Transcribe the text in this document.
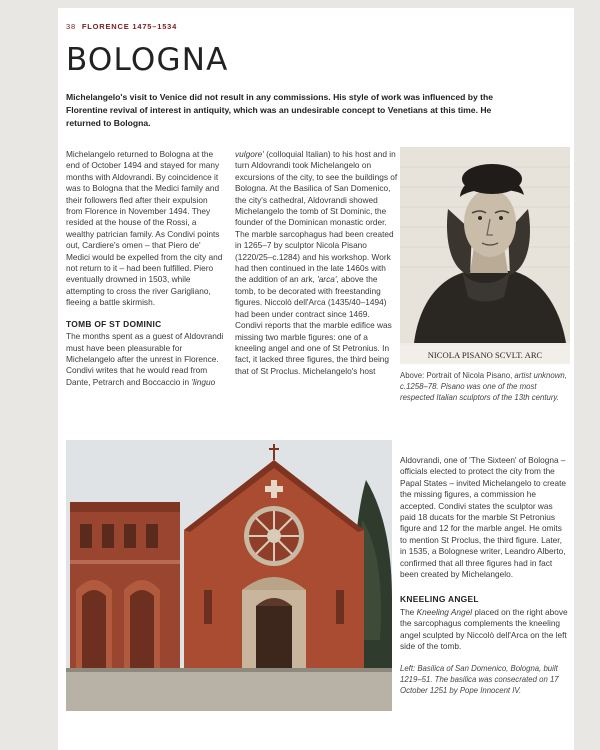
38 FLORENCE 1475–1534
BOLOGNA

Michelangelo's visit to Venice did not result in any commissions. His style of work was influenced by the Florentine revival of interest in antiquity, which was an undesirable concept to Venetians at this time. He returned to Bologna.

Michelangelo returned to Bologna at the end of October 1494 and stayed for many months with Aldovrandi. By coincidence it was to Bologna that the Medici family and their followers fled after their expulsion from Florence in November 1494. They resided at the house of the Rossi, a wealthy patrician family. As Condivi points out, Cardiere's omen – that Piero de' Medici would be expelled from the city and not return to it – had been fulfilled. Piero eventually drowned in 1503, while attempting to cross the river Garigliano, fleeing a battle skirmish.

TOMB OF ST DOMINIC

The months spent as a guest of Aldovrandi must have been pleasurable for Michelangelo after the unrest in Florence. Condivi writes that he would read from Dante, Petrarch and Boccaccio in 'linguo

vulgore' (colloquial Italian) to his host and in turn Aldovrandi took Michelangelo on excursions of the city, to see the buildings of Bologna. At the Basilica of San Domenico, the city's cathedral, Aldovrandi showed Michelangelo the tomb of St Dominic, the founder of the Dominican monastic order. The marble sarcophagus had been created in 1265–7 by sculptor Nicola Pisano (1220/25–c.1284) and his workshop. Work had then continued in the late 1460s with the addition of an ark, 'arca', above the tomb, to be decorated with freestanding figures. Niccolò dell'Arca (1435/40–1494) had been under contract since 1469. Condivi reports that the marble edifice was missing two marble figures: one of a kneeling angel and one of St Petronius. In fact, it lacked three figures, the third being that of St Proclus. Michelangelo's host

NICOLA PISANO SCVLT. ARC

Above: Portrait of Nicola Pisano, artist unknown, c.1258–78. Pisano was one of the most respected Italian sculptors of the 13th century.

Aldovrandi, one of 'The Sixteen' of Bologna – officials elected to protect the city from the Papal States – invited Michelangelo to create the missing figures, a commission he accepted. Condivi states the sculptor was paid 18 ducats for the marble St Petronius figure and 12 for the marble angel. He omits to mention St Proclus, the third figure. Later, in 1535, a Bolognese writer, Leandro Alberto, confirmed that all three figures had in fact been created by Michelangelo.

KNEELING ANGEL

The Kneeling Angel placed on the right above the sarcophagus complements the kneeling angel sculpted by Niccolò dell'Arca on the left side of the tomb.

Left: Basilica of San Domenico, Bologna, built 1219–51. The basilica was consecrated on 17 October 1251 by Pope Innocent IV.
